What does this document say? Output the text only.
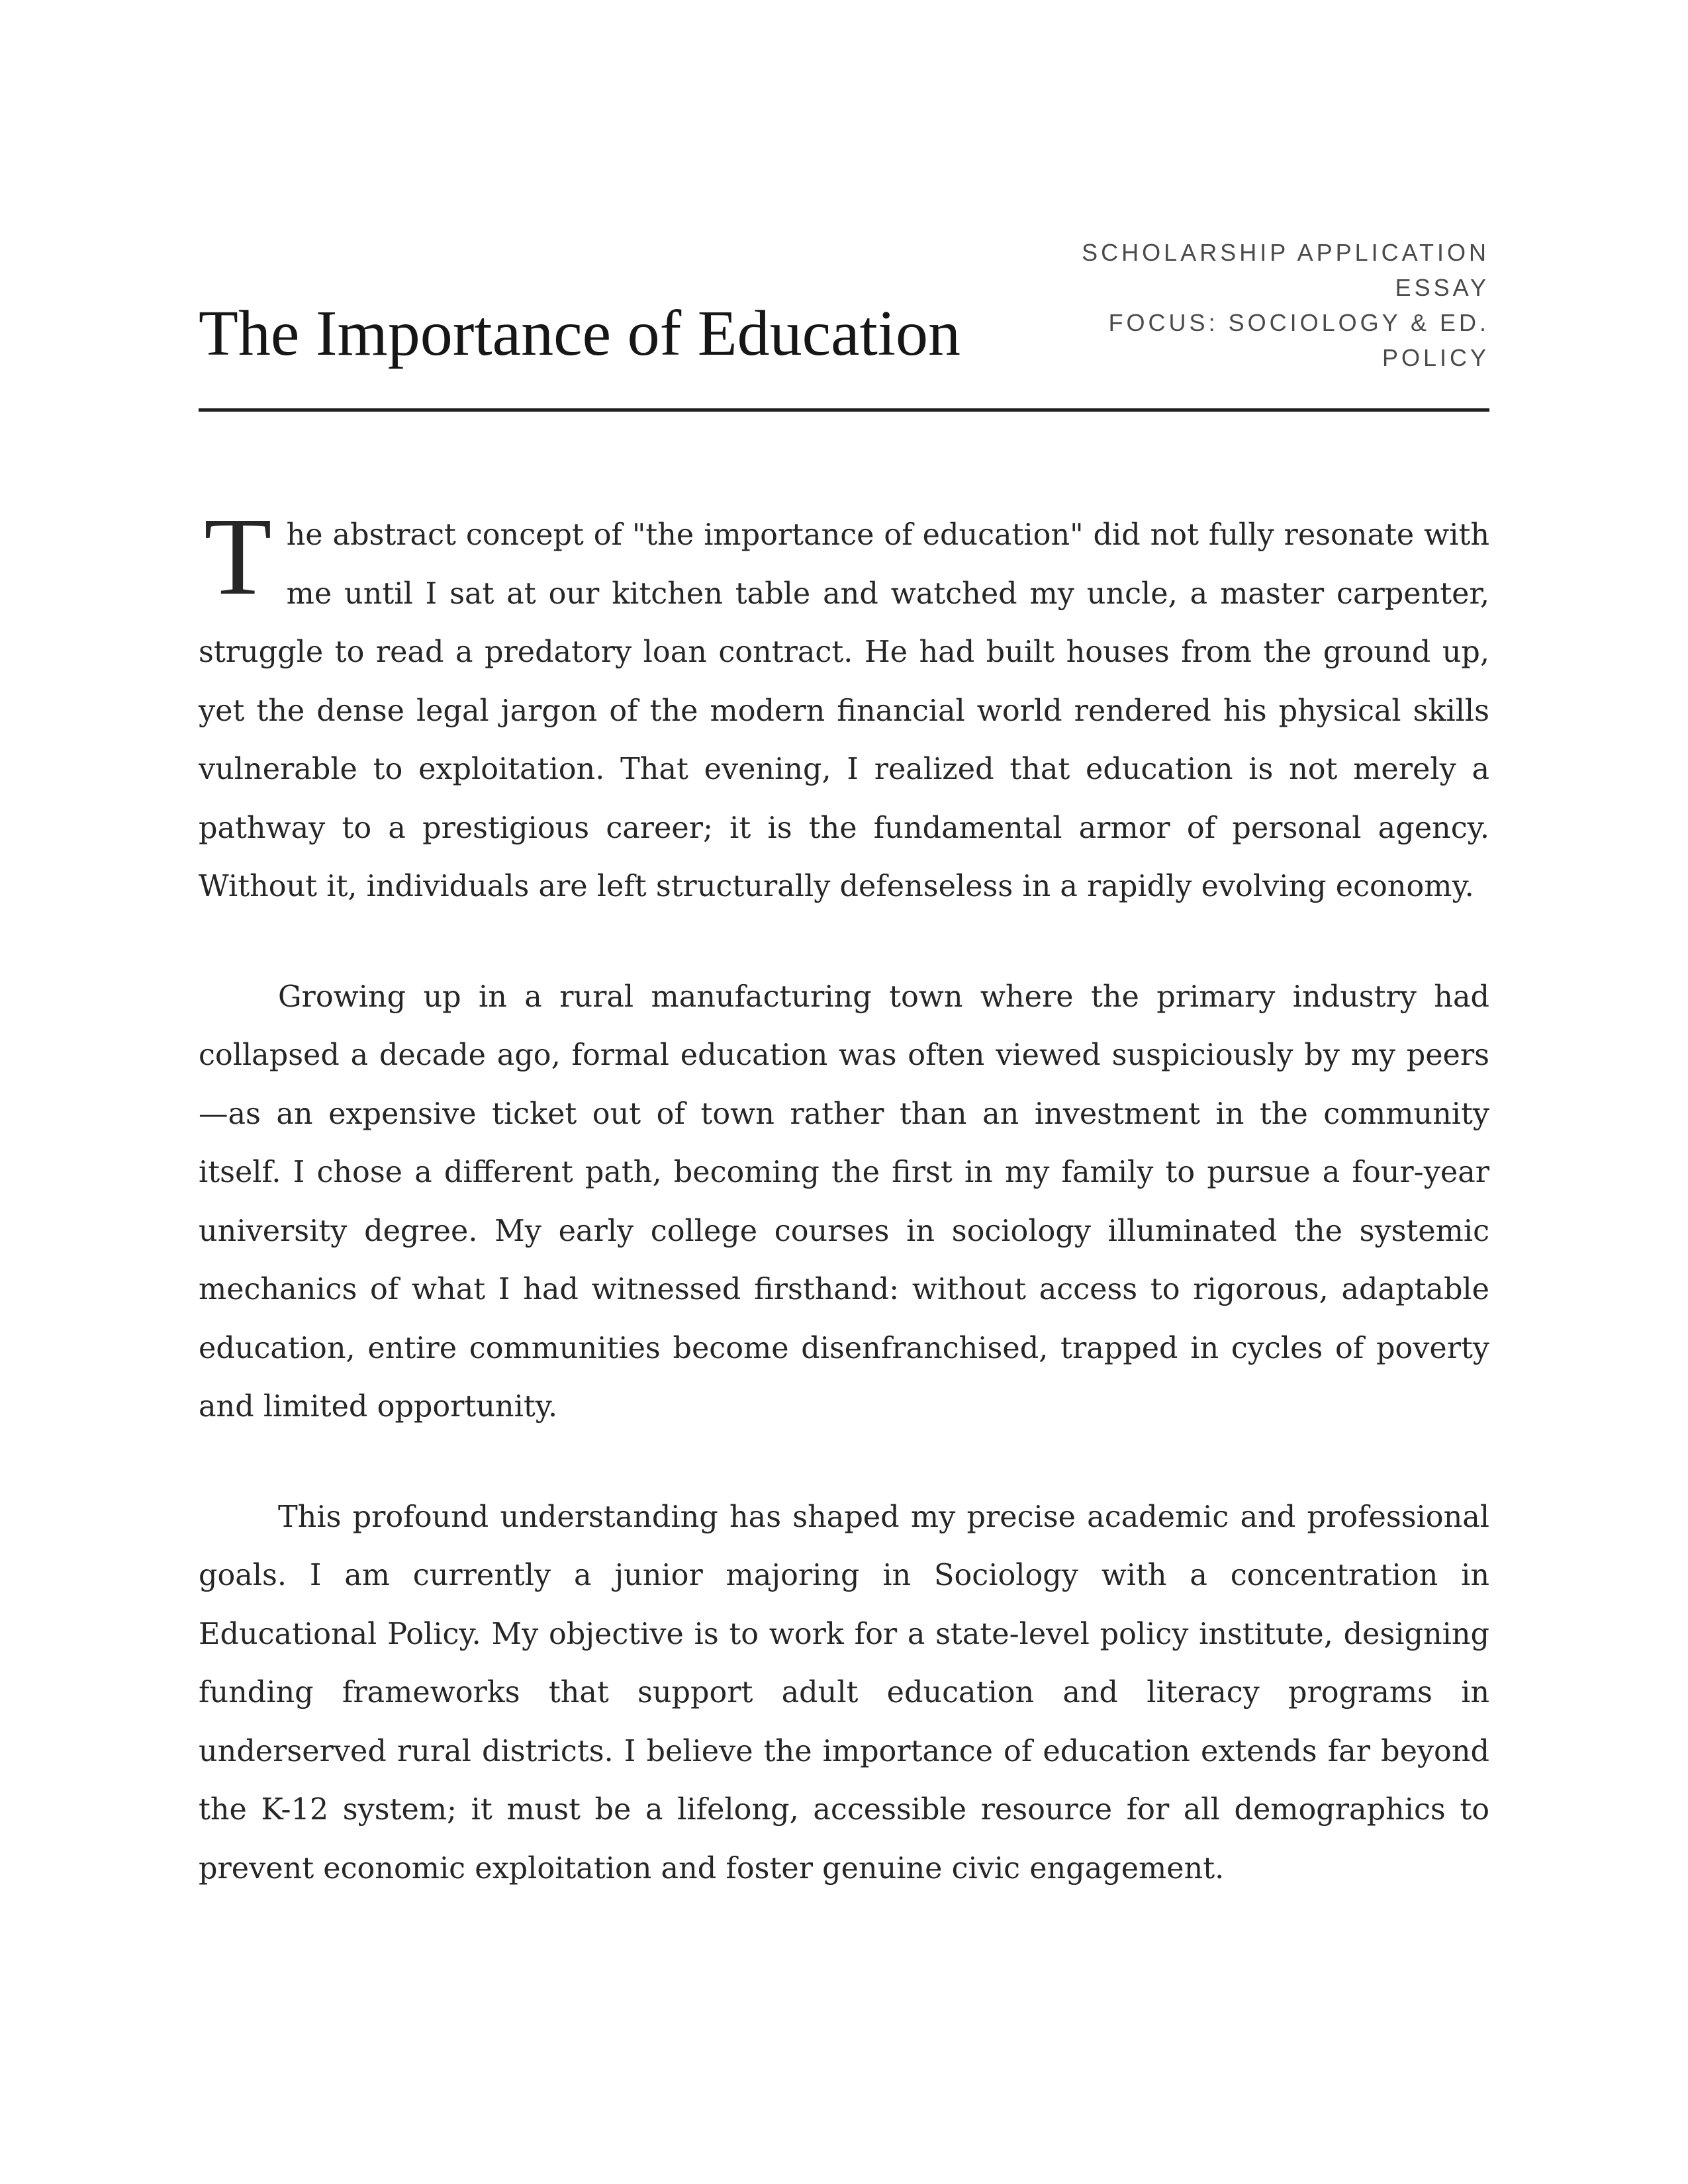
The Importance of Education
SCHOLARSHIP APPLICATION ESSAY
FOCUS: SOCIOLOGY & ED. POLICY

The abstract concept of "the importance of education" did not fully resonate with me until I sat at our kitchen table and watched my uncle, a master carpenter, struggle to read a predatory loan contract. He had built houses from the ground up, yet the dense legal jargon of the modern financial world rendered his physical skills vulnerable to exploitation. That evening, I realized that education is not merely a pathway to a prestigious career; it is the fundamental armor of personal agency. Without it, individuals are left structurally defenseless in a rapidly evolving economy.

Growing up in a rural manufacturing town where the primary industry had collapsed a decade ago, formal education was often viewed suspiciously by my peers—as an expensive ticket out of town rather than an investment in the community itself. I chose a different path, becoming the first in my family to pursue a four-year university degree. My early college courses in sociology illuminated the systemic mechanics of what I had witnessed firsthand: without access to rigorous, adaptable education, entire communities become disenfranchised, trapped in cycles of poverty and limited opportunity.

This profound understanding has shaped my precise academic and professional goals. I am currently a junior majoring in Sociology with a concentration in Educational Policy. My objective is to work for a state-level policy institute, designing funding frameworks that support adult education and literacy programs in underserved rural districts. I believe the importance of education extends far beyond the K-12 system; it must be a lifelong, accessible resource for all demographics to prevent economic exploitation and foster genuine civic engagement.
